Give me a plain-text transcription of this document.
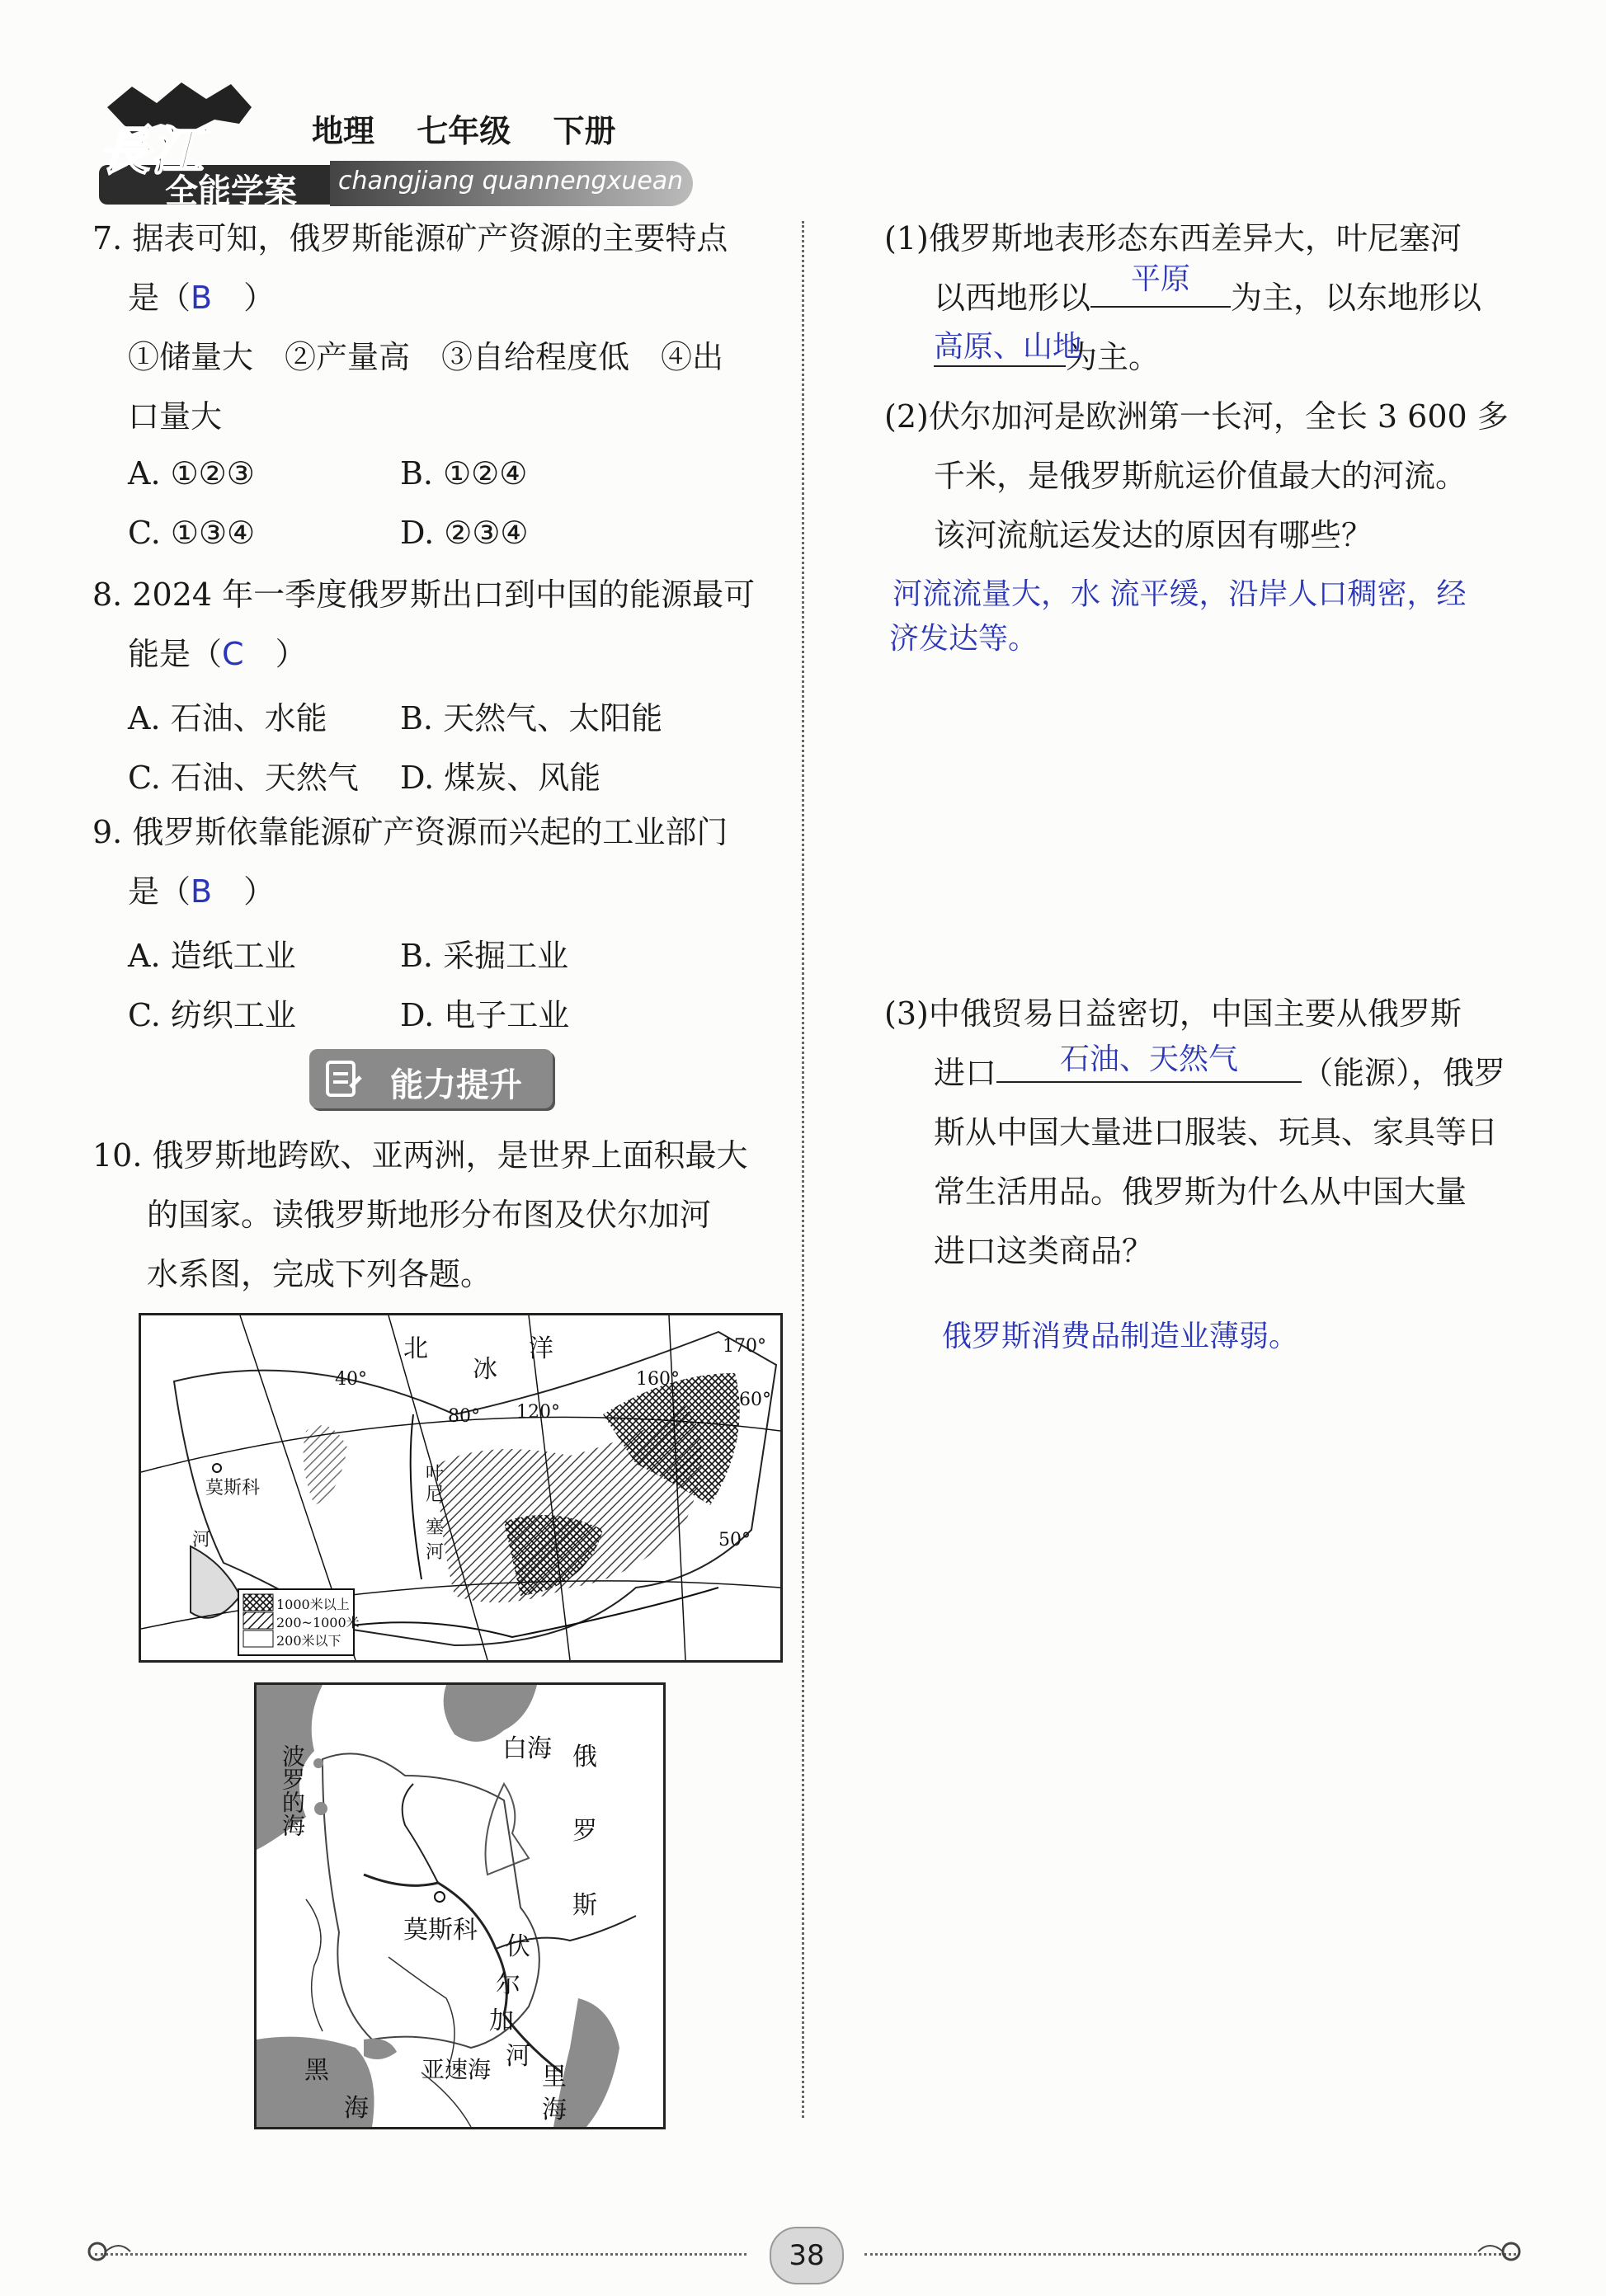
長江
全能学案 changjiang quannengxuean
地理　 七年级　 下册
7. 据表可知，俄罗斯能源矿产资源的主要特点
是（B　 ）
①储量大　②产量高　③自给程度低　④出
口量大
A. ①②③	B. ①②④
C. ①③④	D. ②③④
8. 2024 年一季度俄罗斯出口到中国的能源最可
能是（C　 ）
A. 石油、水能 B. 天然气、太阳能
C. 石油、天然气 D. 煤炭、风能
9. 俄罗斯依靠能源矿产资源而兴起的工业部门
是（B　 ）
A. 造纸工业	B. 采掘工业
C. 纺织工业	D. 电子工业
能力提升
10. 俄罗斯地跨欧、亚两洲，是世界上面积最大
的国家。读俄罗斯地形分布图及伏尔加河
水系图，完成下列各题。
北
冰
洋
莫斯科
叶
尼
塞
河
河
40°
80° 120°
160°
170°
60°
50°
1000米以上
200~1000米
200米以下
波罗的海
白海 俄
罗
斯
莫斯科
伏
尔
加
河
黑
海
亚速海 里
海
(1)俄罗斯地表形态东西差异大，叶尼塞河
以西地形以平原为主，以东地形以
高原、山地为主。
(2)伏尔加河是欧洲第一长河，全长 3 600 多
千米，是俄罗斯航运价值最大的河流。
该河流航运发达的原因有哪些？
河流流量大，水 流平缓，沿岸人口稠密，经
济发达等。
(3)中俄贸易日益密切，中国主要从俄罗斯
进口 石油、天然气 （能源），俄罗
斯从中国大量进口服装、玩具、家具等日
常生活用品。俄罗斯为什么从中国大量
进口这类商品？
俄罗斯消费品制造业薄弱。
38
